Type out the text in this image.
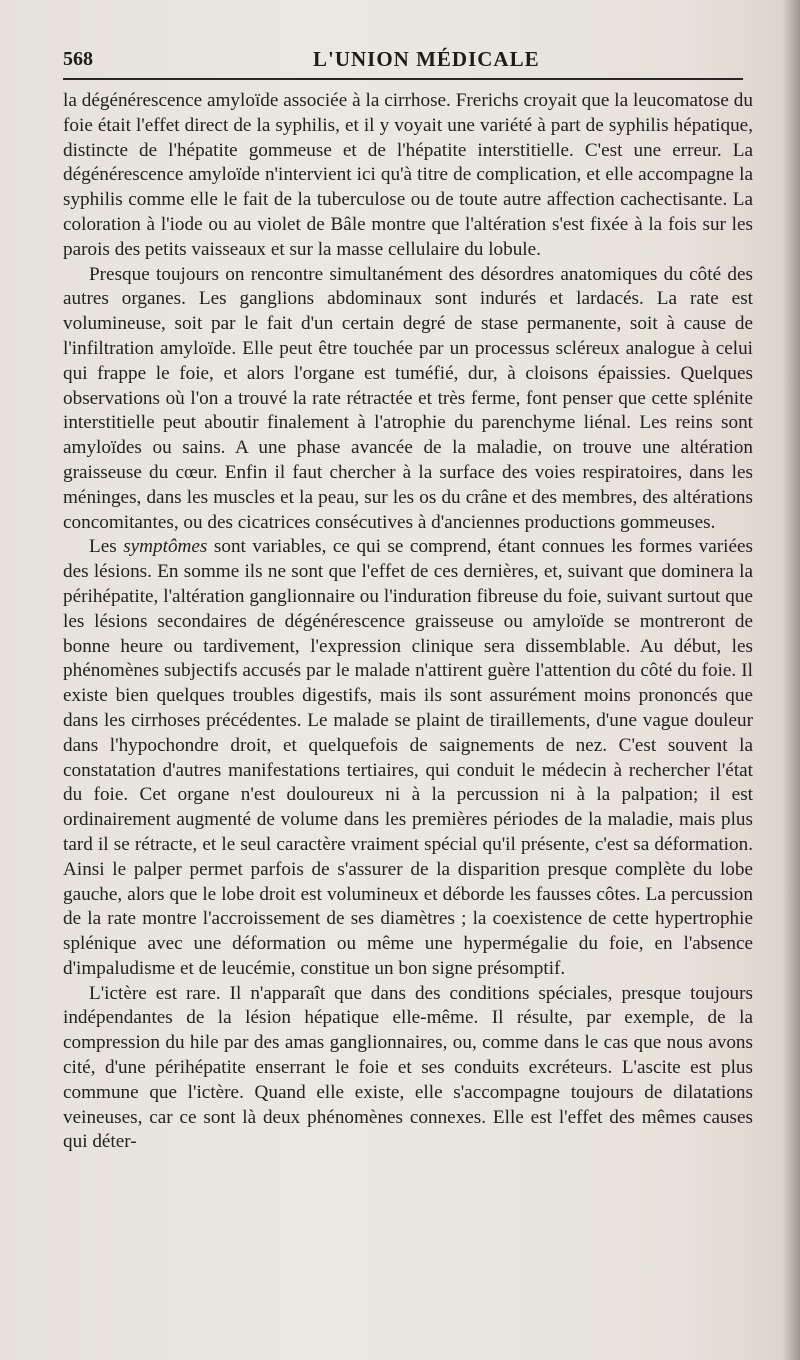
568	L'UNION MÉDICALE

la dégénérescence amyloïde associée à la cirrhose. Frerichs croyait que la leucomatose du foie était l'effet direct de la syphilis, et il y voyait une variété à part de syphilis hépatique, distincte de l'hépatite gommeuse et de l'hépatite interstitielle. C'est une erreur. La dégénérescence amyloïde n'intervient ici qu'à titre de complication, et elle accompagne la syphilis comme elle le fait de la tuberculose ou de toute autre affection cachectisante. La coloration à l'iode ou au violet de Bâle montre que l'altération s'est fixée à la fois sur les parois des petits vaisseaux et sur la masse cellulaire du lobule.

Presque toujours on rencontre simultanément des désordres anatomiques du côté des autres organes. Les ganglions abdominaux sont indurés et lardacés. La rate est volumineuse, soit par le fait d'un certain degré de stase permanente, soit à cause de l'infiltration amyloïde. Elle peut être touchée par un processus scléreux analogue à celui qui frappe le foie, et alors l'organe est tuméfié, dur, à cloisons épaissies. Quelques observations où l'on a trouvé la rate rétractée et très ferme, font penser que cette splénite interstitielle peut aboutir finalement à l'atrophie du parenchyme liénal. Les reins sont amyloïdes ou sains. A une phase avancée de la maladie, on trouve une altération graisseuse du cœur. Enfin il faut chercher à la surface des voies respiratoires, dans les méninges, dans les muscles et la peau, sur les os du crâne et des membres, des altérations concomitantes, ou des cicatrices consécutives à d'anciennes productions gommeuses.

Les symptômes sont variables, ce qui se comprend, étant connues les formes variées des lésions. En somme ils ne sont que l'effet de ces dernières, et, suivant que dominera la périhépatite, l'altération ganglionnaire ou l'induration fibreuse du foie, suivant surtout que les lésions secondaires de dégénérescence graisseuse ou amyloïde se montreront de bonne heure ou tardivement, l'expression clinique sera dissemblable. Au début, les phénomènes subjectifs accusés par le malade n'attirent guère l'attention du côté du foie. Il existe bien quelques troubles digestifs, mais ils sont assurément moins prononcés que dans les cirrhoses précédentes. Le malade se plaint de tiraillements, d'une vague douleur dans l'hypochondre droit, et quelquefois de saignements de nez. C'est souvent la constatation d'autres manifestations tertiaires, qui conduit le médecin à rechercher l'état du foie. Cet organe n'est douloureux ni à la percussion ni à la palpation; il est ordinairement augmenté de volume dans les premières périodes de la maladie, mais plus tard il se rétracte, et le seul caractère vraiment spécial qu'il présente, c'est sa déformation. Ainsi le palper permet parfois de s'assurer de la disparition presque complète du lobe gauche, alors que le lobe droit est volumineux et déborde les fausses côtes. La percussion de la rate montre l'accroissement de ses diamètres ; la coexistence de cette hypertrophie splénique avec une déformation ou même une hypermégalie du foie, en l'absence d'impaludisme et de leucémie, constitue un bon signe présomptif.

L'ictère est rare. Il n'apparaît que dans des conditions spéciales, presque toujours indépendantes de la lésion hépatique elle-même. Il résulte, par exemple, de la compression du hile par des amas ganglionnaires, ou, comme dans le cas que nous avons cité, d'une périhépatite enserrant le foie et ses conduits excréteurs. L'ascite est plus commune que l'ictère. Quand elle existe, elle s'accompagne toujours de dilatations veineuses, car ce sont là deux phénomènes connexes. Elle est l'effet des mêmes causes qui déter-
